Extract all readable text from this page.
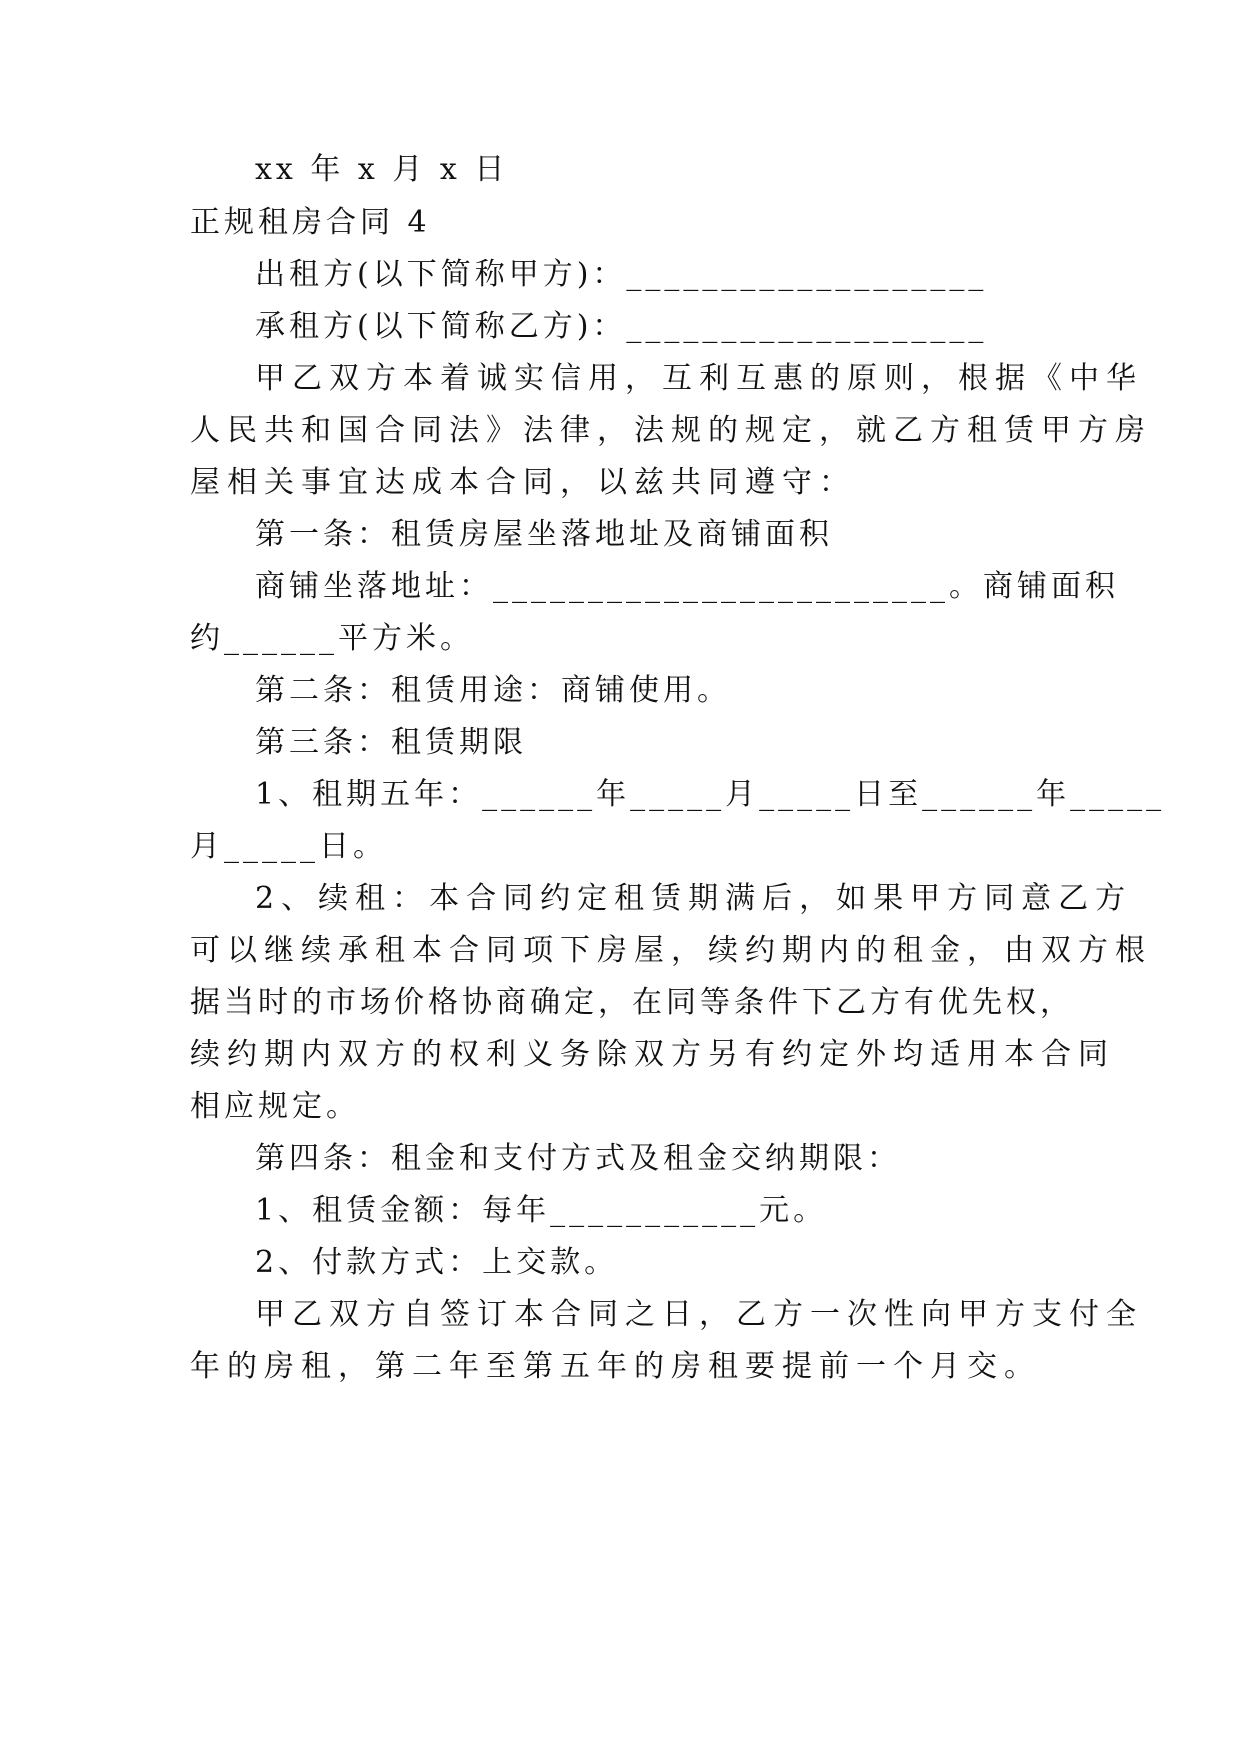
xx 年 x 月 x 日

正规租房合同 4

出租方(以下简称甲方)：___________________

承租方(以下简称乙方)：___________________

甲乙双方本着诚实信用，互利互惠的原则，根据《中华

人民共和国合同法》法律，法规的规定，就乙方租赁甲方房

屋相关事宜达成本合同，以兹共同遵守：

第一条：租赁房屋坐落地址及商铺面积

商铺坐落地址：________________________。商铺面积

约______平方米。

第二条：租赁用途：商铺使用。

第三条：租赁期限

1、租期五年：______年_____月_____日至______年_____

月_____日。

2、续租：本合同约定租赁期满后，如果甲方同意乙方

可以继续承租本合同项下房屋，续约期内的租金，由双方根

据当时的市场价格协商确定，在同等条件下乙方有优先权，

续约期内双方的权利义务除双方另有约定外均适用本合同

相应规定。

第四条：租金和支付方式及租金交纳期限：

1、租赁金额：每年___________元。

2、付款方式：上交款。

甲乙双方自签订本合同之日，乙方一次性向甲方支付全

年的房租，第二年至第五年的房租要提前一个月交。
